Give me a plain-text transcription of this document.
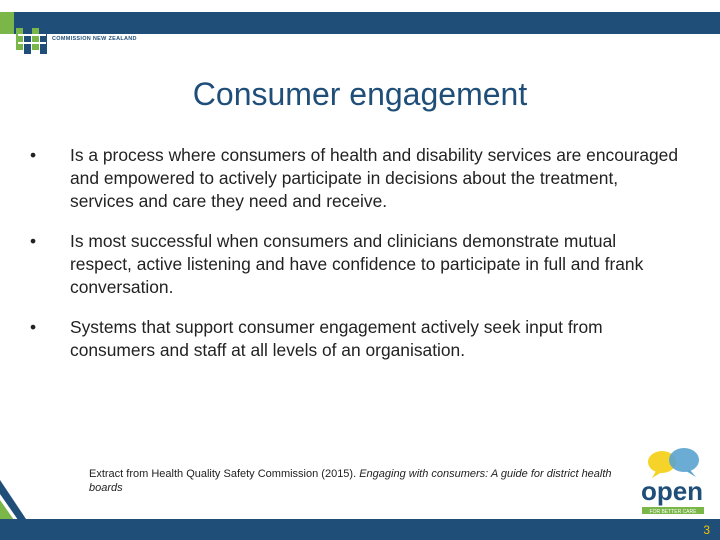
HEALTH QUALITY & SAFETY
COMMISSION NEW ZEALAND
Consumer engagement
•	Is a process where consumers of health and disability services are encouraged and empowered to actively participate in decisions about the treatment, services and care they need and receive.
•	Is most successful when consumers and clinicians demonstrate mutual respect, active listening and have confidence to participate in full and frank conversation.
•	Systems that support consumer engagement actively seek input from consumers and staff at all levels of an organisation.
Extract from Health Quality Safety Commission (2015). Engaging with consumers: A guide for district health boards	open
FOR BETTER CARE
3
